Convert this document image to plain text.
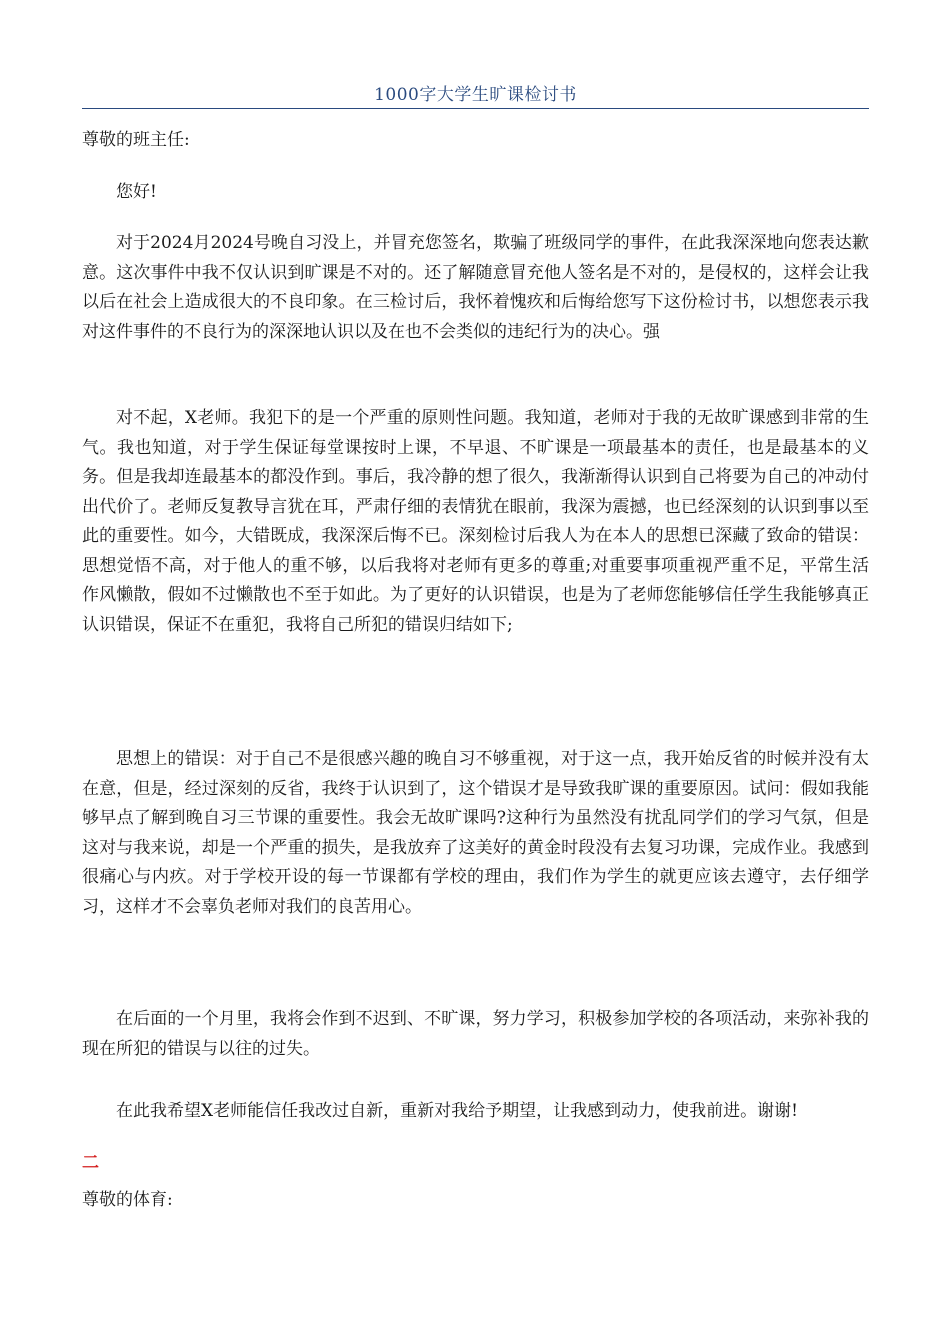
1000字大学生旷课检讨书
尊敬的班主任:
您好!
对于2024月2024号晚自习没上，并冒充您签名，欺骗了班级同学的事件，在此我深深地向您表达歉意。这次事件中我不仅认识到旷课是不对的。还了解随意冒充他人签名是不对的，是侵权的，这样会让我以后在社会上造成很大的不良印象。在三检讨后，我怀着愧疚和后悔给您写下这份检讨书，以想您表示我对这件事件的不良行为的深深地认识以及在也不会类似的违纪行为的决心。强
对不起，X老师。我犯下的是一个严重的原则性问题。我知道，老师对于我的无故旷课感到非常的生气。我也知道，对于学生保证每堂课按时上课，不早退、不旷课是一项最基本的责任，也是最基本的义务。但是我却连最基本的都没作到。事后，我冷静的想了很久，我渐渐得认识到自己将要为自己的冲动付出代价了。老师反复教导言犹在耳，严肃仔细的表情犹在眼前，我深为震撼，也已经深刻的认识到事以至此的重要性。如今，大错既成，我深深后悔不已。深刻检讨后我人为在本人的思想已深藏了致命的错误：思想觉悟不高，对于他人的重不够，以后我将对老师有更多的尊重;对重要事项重视严重不足，平常生活作风懒散，假如不过懒散也不至于如此。为了更好的认识错误，也是为了老师您能够信任学生我能够真正认识错误，保证不在重犯，我将自己所犯的错误归结如下;
思想上的错误：对于自己不是很感兴趣的晚自习不够重视，对于这一点，我开始反省的时候并没有太在意，但是，经过深刻的反省，我终于认识到了，这个错误才是导致我旷课的重要原因。试问：假如我能够早点了解到晚自习三节课的重要性。我会无故旷课吗?这种行为虽然没有扰乱同学们的学习气氛，但是这对与我来说，却是一个严重的损失，是我放弃了这美好的黄金时段没有去复习功课，完成作业。我感到很痛心与内疚。对于学校开设的每一节课都有学校的理由，我们作为学生的就更应该去遵守，去仔细学习，这样才不会辜负老师对我们的良苦用心。
在后面的一个月里，我将会作到不迟到、不旷课，努力学习，积极参加学校的各项活动，来弥补我的现在所犯的错误与以往的过失。
在此我希望X老师能信任我改过自新，重新对我给予期望，让我感到动力，使我前进。谢谢!
二
尊敬的体育:
